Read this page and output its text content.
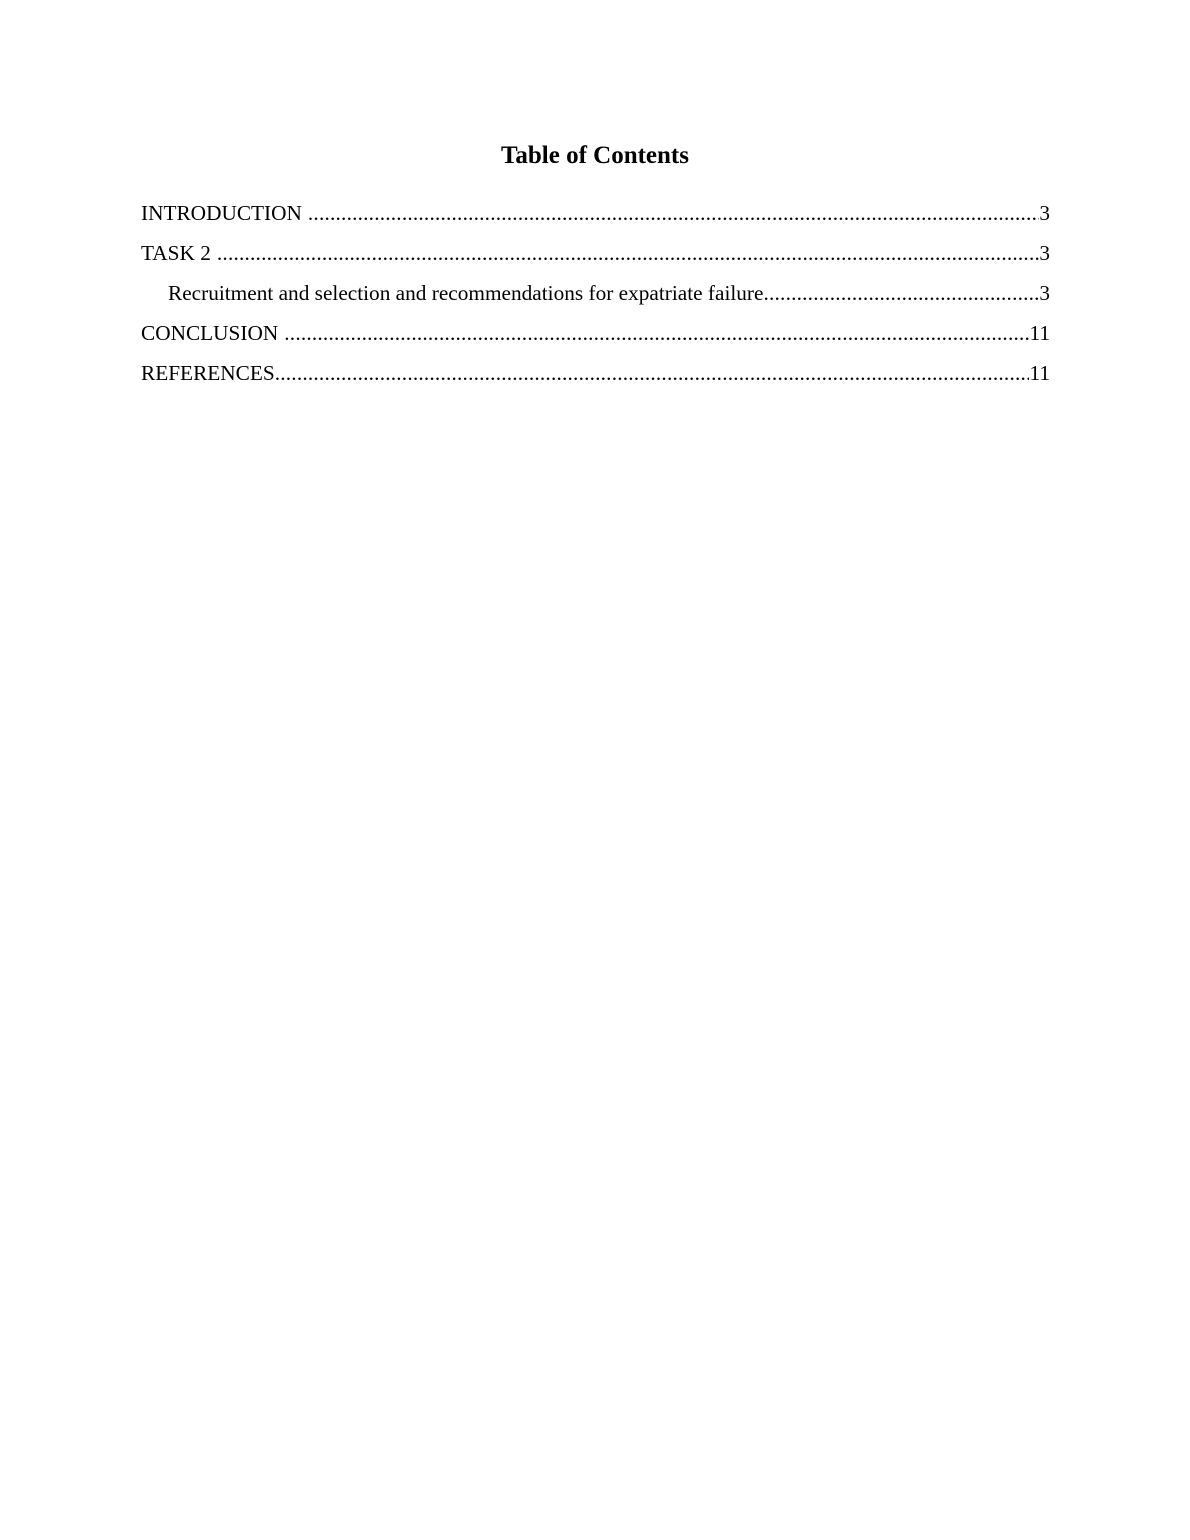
Table of Contents
INTRODUCTION .....	3
TASK 2 .....	3
Recruitment and selection and recommendations for expatriate failure .....	3
CONCLUSION .....	11
REFERENCES .....	11
